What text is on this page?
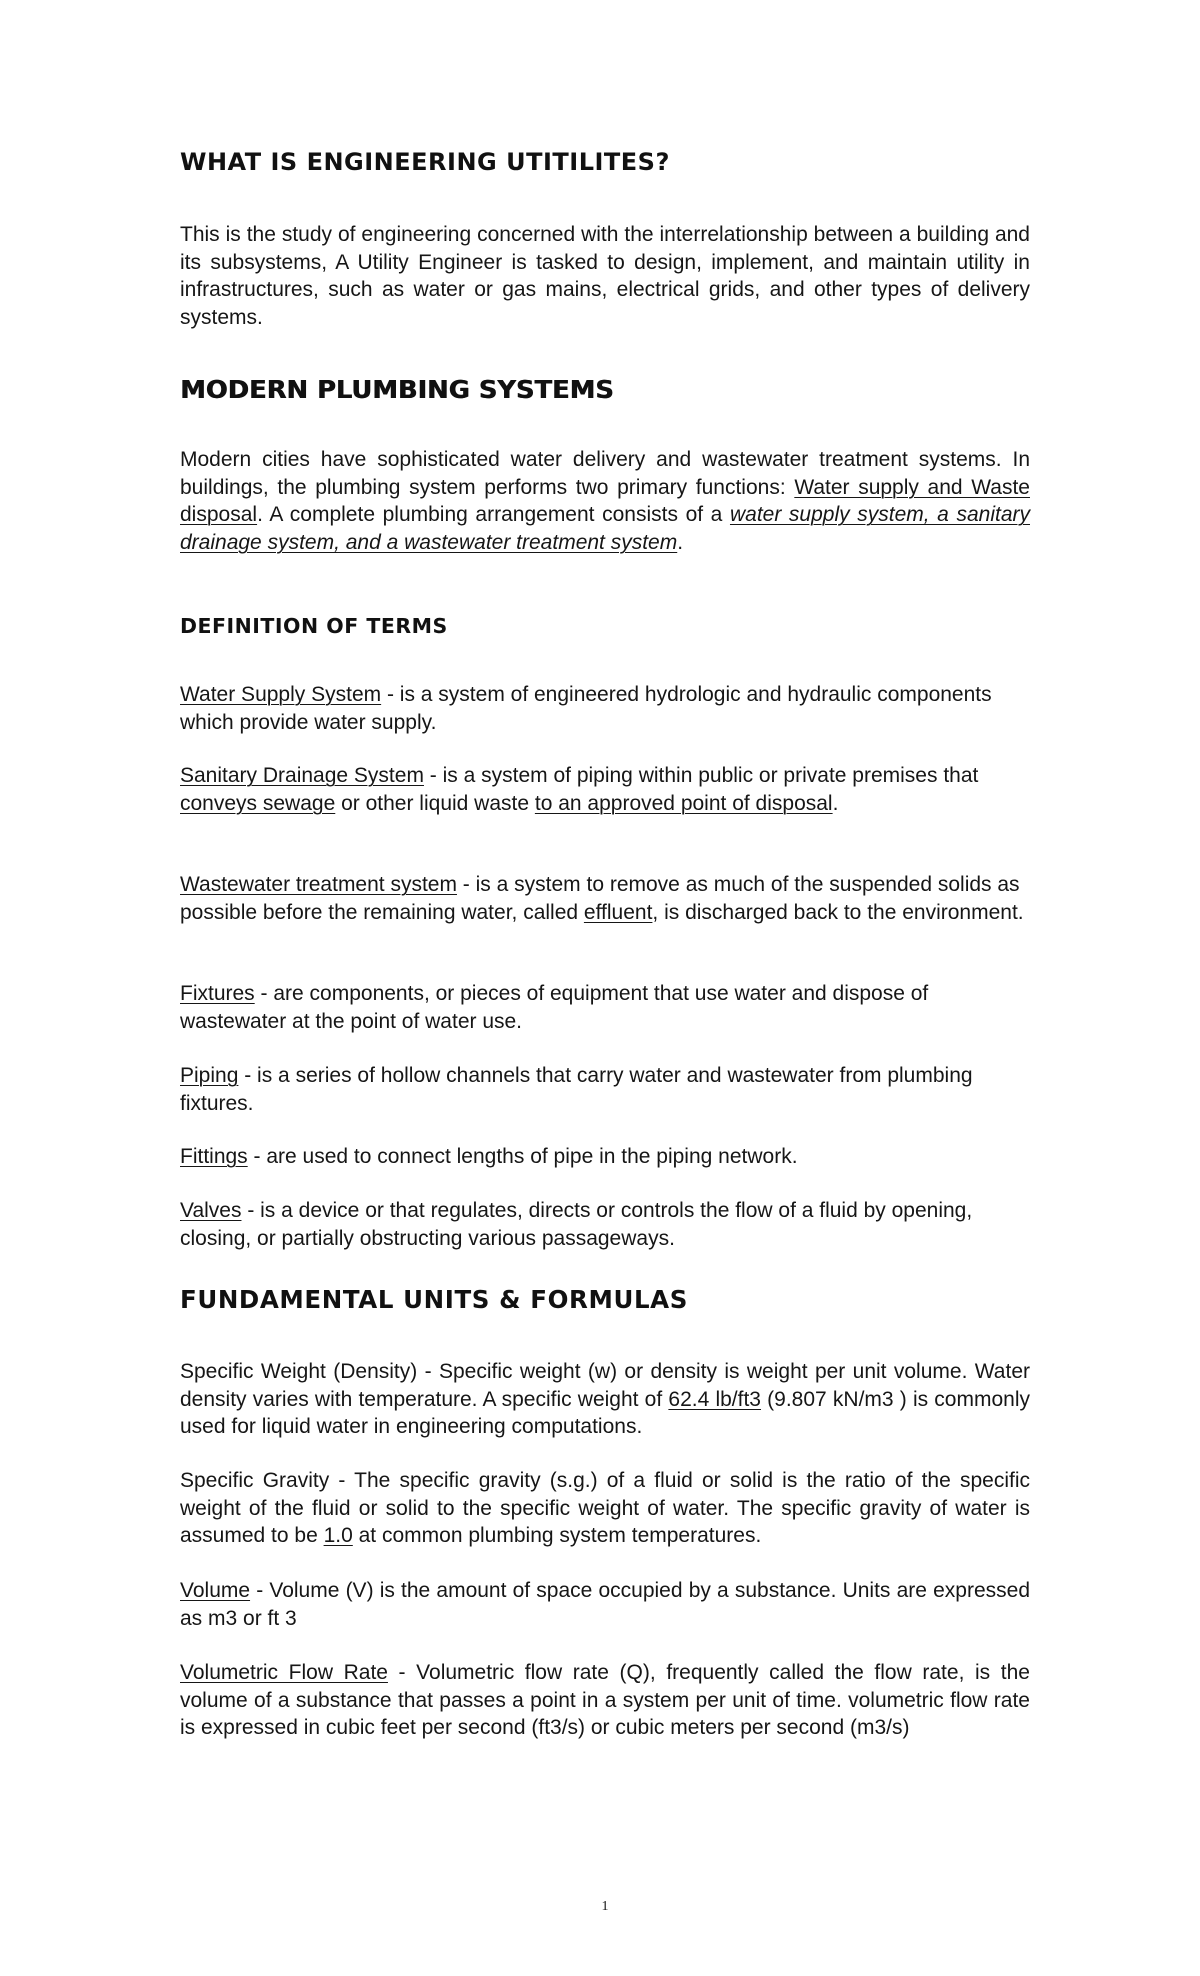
WHAT IS ENGINEERING UTITILITES?

This is the study of engineering concerned with the interrelationship between a building and its subsystems, A Utility Engineer is tasked to design, implement, and maintain utility in infrastructures, such as water or gas mains, electrical grids, and other types of delivery systems.

MODERN PLUMBING SYSTEMS

Modern cities have sophisticated water delivery and wastewater treatment systems. In buildings, the plumbing system performs two primary functions: Water supply and Waste disposal. A complete plumbing arrangement consists of a water supply system, a sanitary drainage system, and a wastewater treatment system.

DEFINITION OF TERMS

Water Supply System - is a system of engineered hydrologic and hydraulic components which provide water supply.

Sanitary Drainage System - is a system of piping within public or private premises that conveys sewage or other liquid waste to an approved point of disposal.

Wastewater treatment system - is a system to remove as much of the suspended solids as possible before the remaining water, called effluent, is discharged back to the environment.

Fixtures - are components, or pieces of equipment that use water and dispose of wastewater at the point of water use.

Piping - is a series of hollow channels that carry water and wastewater from plumbing fixtures.

Fittings - are used to connect lengths of pipe in the piping network.

Valves - is a device or that regulates, directs or controls the flow of a fluid by opening, closing, or partially obstructing various passageways.

FUNDAMENTAL UNITS & FORMULAS

Specific Weight (Density) - Specific weight (w) or density is weight per unit volume. Water density varies with temperature. A specific weight of 62.4 lb/ft3 (9.807 kN/m3 ) is commonly used for liquid water in engineering computations.

Specific Gravity - The specific gravity (s.g.) of a fluid or solid is the ratio of the specific weight of the fluid or solid to the specific weight of water. The specific gravity of water is assumed to be 1.0 at common plumbing system temperatures.

Volume - Volume (V) is the amount of space occupied by a substance. Units are expressed as m3 or ft 3

Volumetric Flow Rate - Volumetric flow rate (Q), frequently called the flow rate, is the volume of a substance that passes a point in a system per unit of time. volumetric flow rate is expressed in cubic feet per second (ft3/s) or cubic meters per second (m3/s)

1
